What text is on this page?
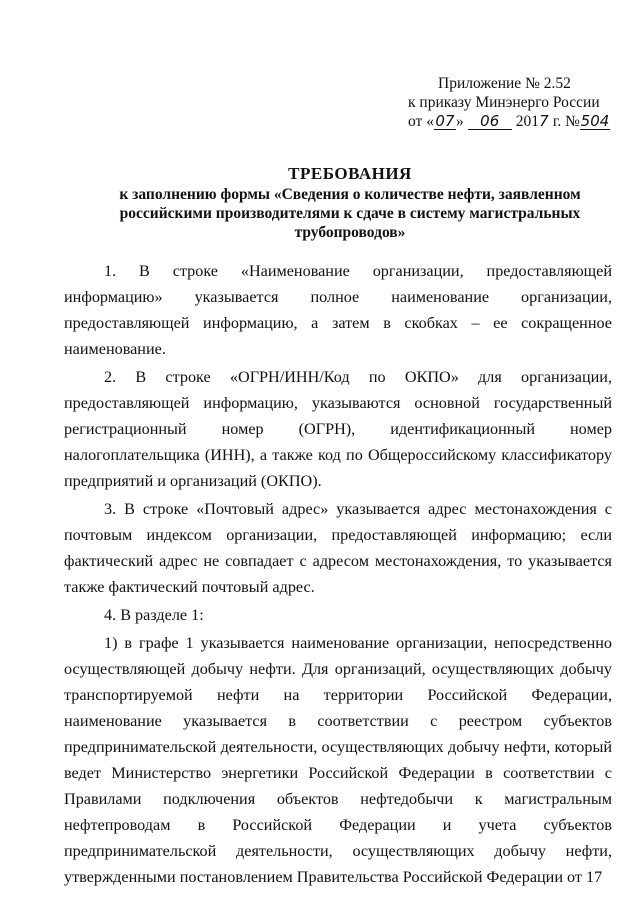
Приложение № 2.52
к приказу Минэнерго России
от «07» 06 2017 г. №504
ТРЕБОВАНИЯ
к заполнению формы «Сведения о количестве нефти, заявленном российскими производителями к сдаче в систему магистральных трубопроводов»

1. В строке «Наименование организации, предоставляющей информацию» указывается полное наименование организации, предоставляющей информацию, а затем в скобках – ее сокращенное наименование.

2. В строке «ОГРН/ИНН/Код по ОКПО» для организации, предоставляющей информацию, указываются основной государственный регистрационный номер (ОГРН), идентификационный номер налогоплательщика (ИНН), а также код по Общероссийскому классификатору предприятий и организаций (ОКПО).

3. В строке «Почтовый адрес» указывается адрес местонахождения с почтовым индексом организации, предоставляющей информацию; если фактический адрес не совпадает с адресом местонахождения, то указывается также фактический почтовый адрес.

4. В разделе 1:

1) в графе 1 указывается наименование организации, непосредственно осуществляющей добычу нефти. Для организаций, осуществляющих добычу транспортируемой нефти на территории Российской Федерации, наименование указывается в соответствии с реестром субъектов предпринимательской деятельности, осуществляющих добычу нефти, который ведет Министерство энергетики Российской Федерации в соответствии с Правилами подключения объектов нефтедобычи к магистральным нефтепроводам в Российской Федерации и учета субъектов предпринимательской деятельности, осуществляющих добычу нефти, утвержденными постановлением Правительства Российской Федерации от 17
